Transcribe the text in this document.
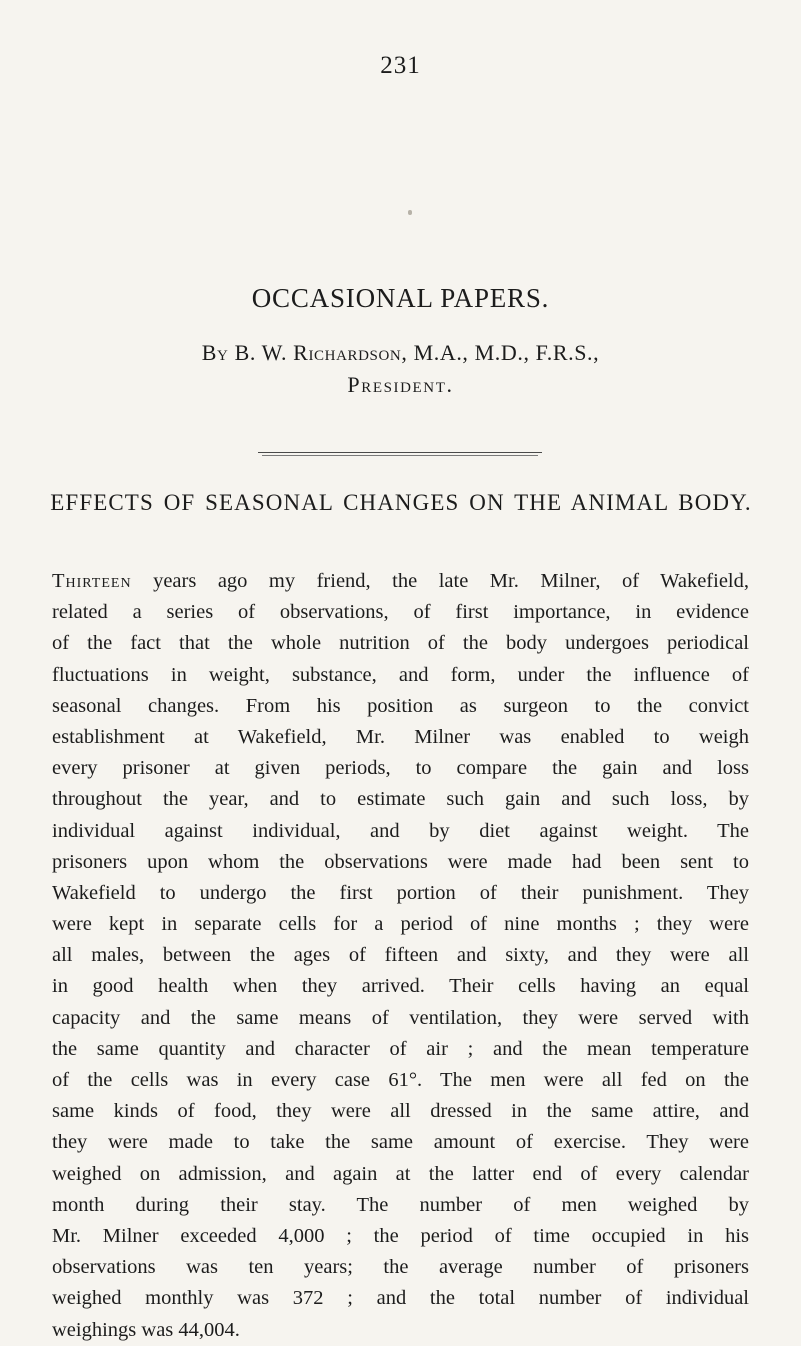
231
OCCASIONAL PAPERS.
By B. W. Richardson, M.A., M.D., F.R.S.,
President.
EFFECTS OF SEASONAL CHANGES ON THE ANIMAL BODY.
Thirteen years ago my friend, the late Mr. Milner, of Wakefield,
related a series of observations, of first importance, in evidence
of the fact that the whole nutrition of the body undergoes periodical
fluctuations in weight, substance, and form, under the influence of
seasonal changes. From his position as surgeon to the convict
establishment at Wakefield, Mr. Milner was enabled to weigh
every prisoner at given periods, to compare the gain and loss
throughout the year, and to estimate such gain and such loss, by
individual against individual, and by diet against weight. The
prisoners upon whom the observations were made had been sent to
Wakefield to undergo the first portion of their punishment. They
were kept in separate cells for a period of nine months ; they were
all males, between the ages of fifteen and sixty, and they were all
in good health when they arrived. Their cells having an equal
capacity and the same means of ventilation, they were served with
the same quantity and character of air ; and the mean temperature
of the cells was in every case 61°. The men were all fed on the
same kinds of food, they were all dressed in the same attire, and
they were made to take the same amount of exercise. They were
weighed on admission, and again at the latter end of every calendar
month during their stay. The number of men weighed by
Mr. Milner exceeded 4,000 ; the period of time occupied in his
observations was ten years; the average number of prisoners
weighed monthly was 372 ; and the total number of individual
weighings was 44,004.
